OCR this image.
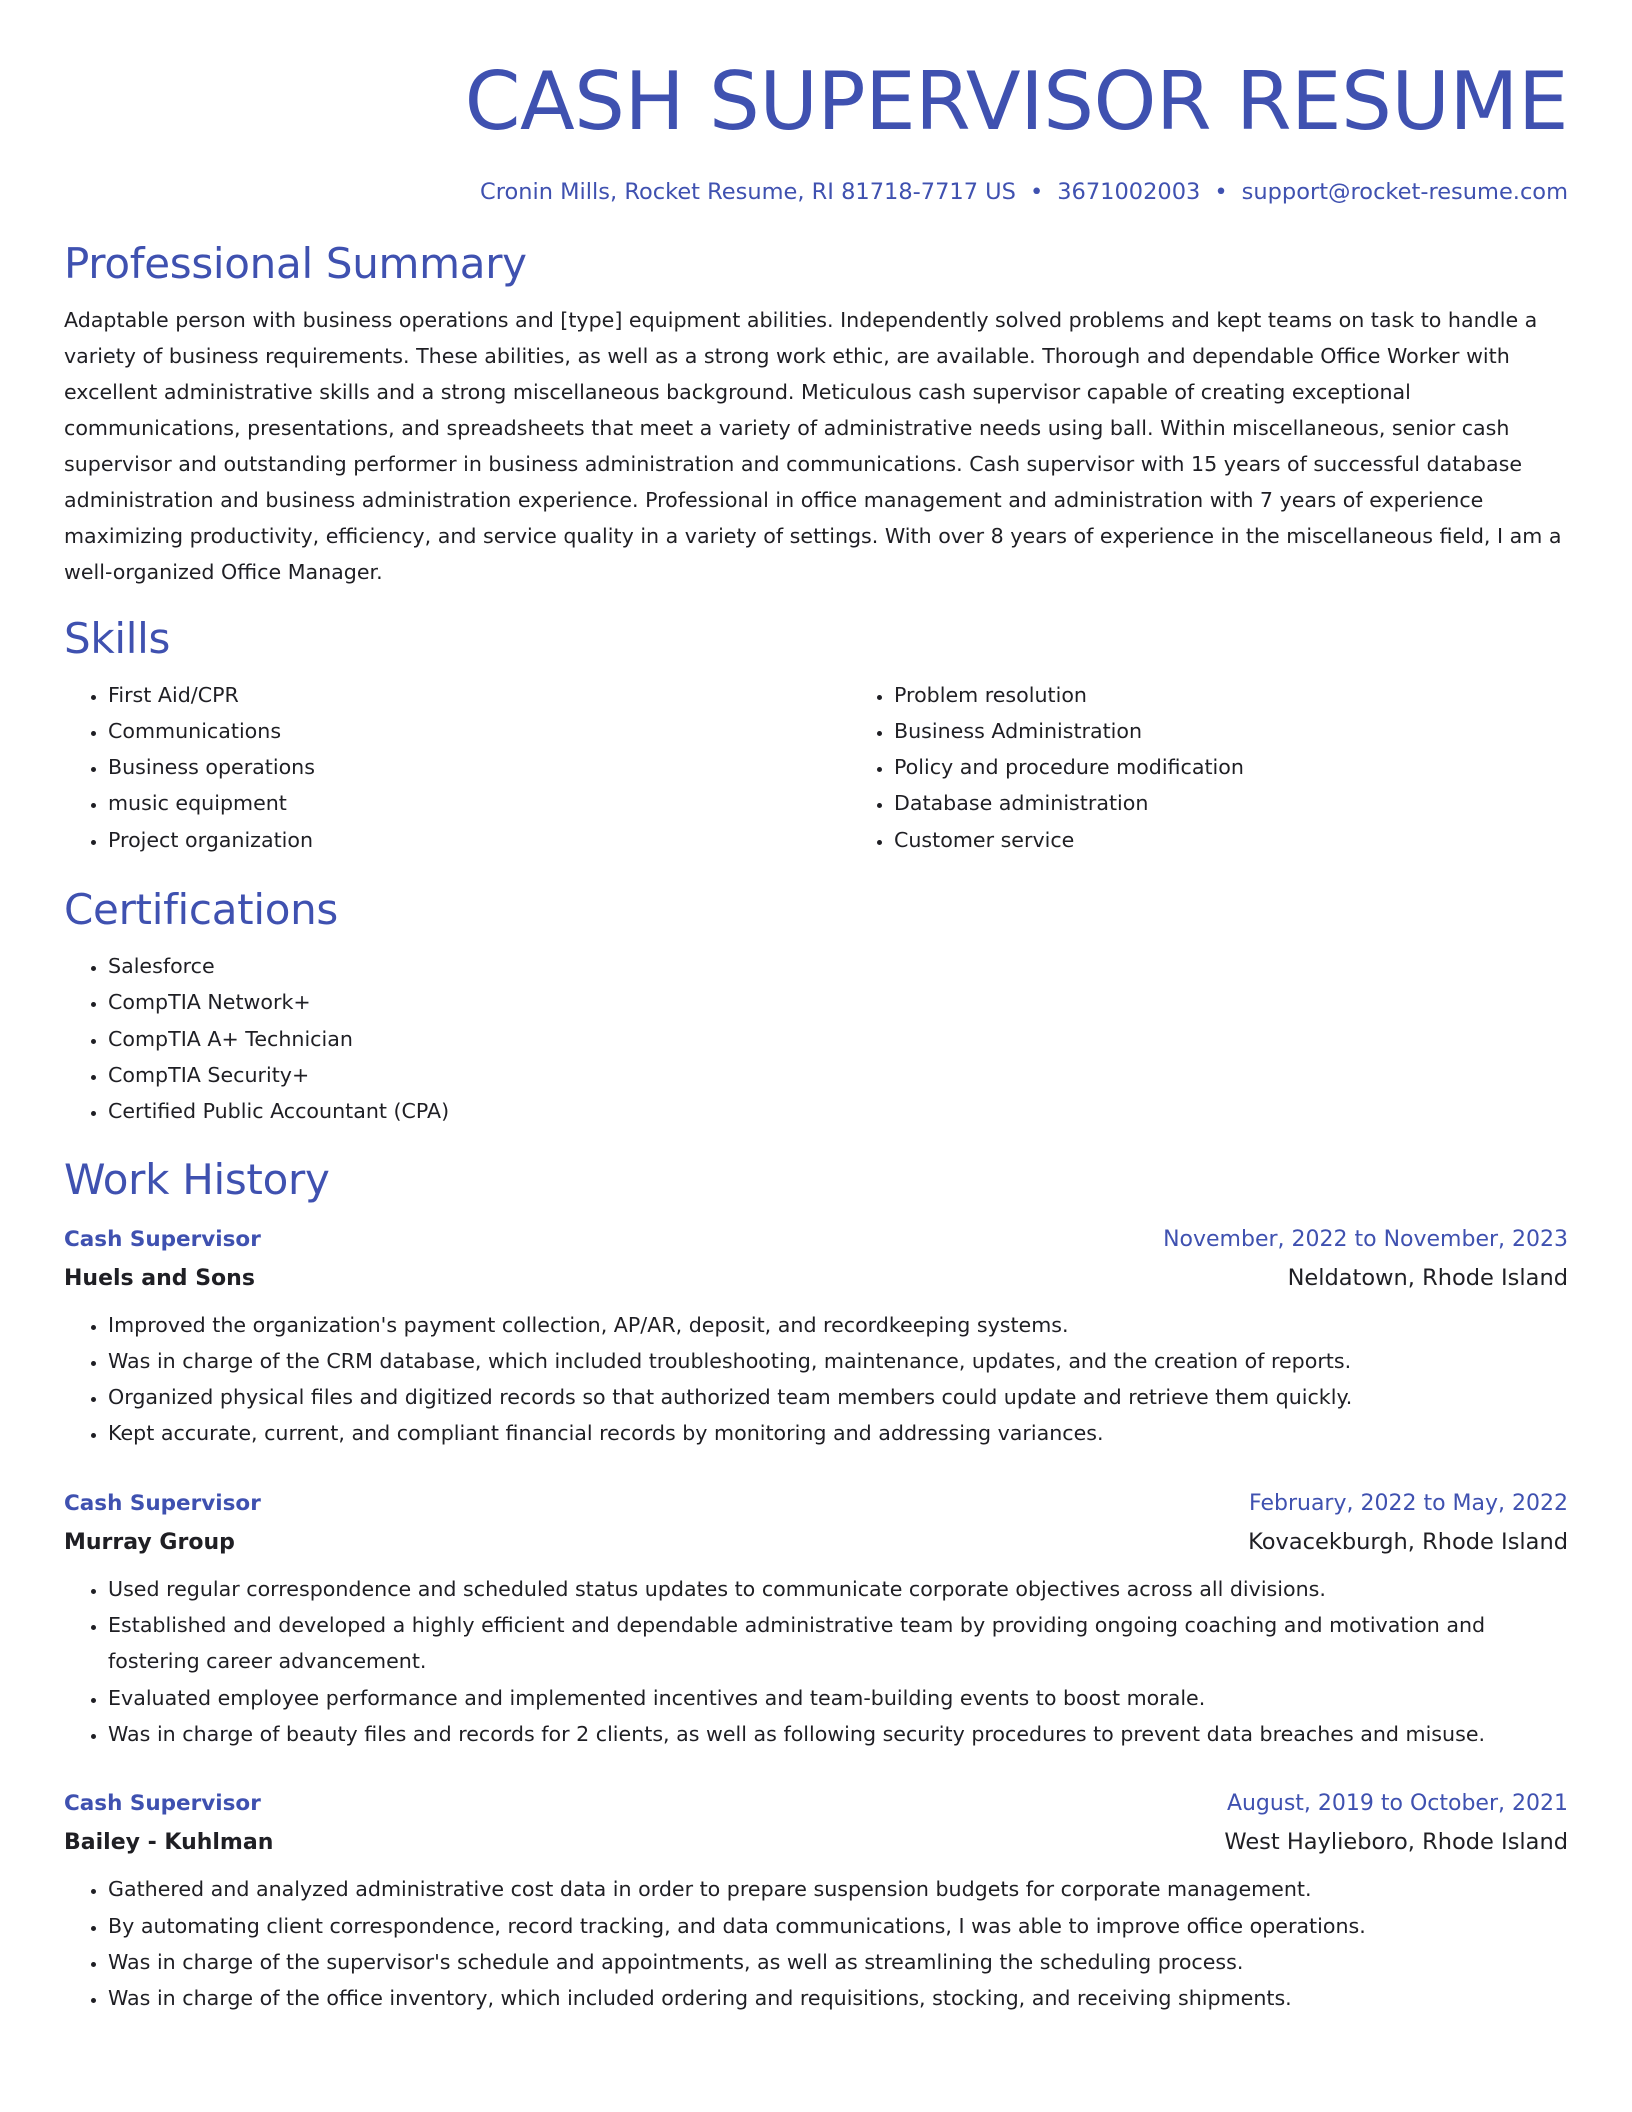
CASH SUPERVISOR RESUME
Cronin Mills, Rocket Resume, RI 81718-7717 US • 3671002003 • support@rocket-resume.com
Professional Summary

Adaptable person with business operations and [type] equipment abilities. Independently solved problems and kept teams on task to handle a variety of business requirements. These abilities, as well as a strong work ethic, are available. Thorough and dependable Office Worker with excellent administrative skills and a strong miscellaneous background. Meticulous cash supervisor capable of creating exceptional communications, presentations, and spreadsheets that meet a variety of administrative needs using ball. Within miscellaneous, senior cash supervisor and outstanding performer in business administration and communications. Cash supervisor with 15 years of successful database administration and business administration experience. Professional in office management and administration with 7 years of experience maximizing productivity, efficiency, and service quality in a variety of settings. With over 8 years of experience in the miscellaneous field, I am a well-organized Office Manager.

Skills
• First Aid/CPR
• Communications
• Business operations
• music equipment
• Project organization
• Problem resolution
• Business Administration
• Policy and procedure modification
• Database administration
• Customer service
Certifications
• Salesforce
• CompTIA Network+
• CompTIA A+ Technician
• CompTIA Security+
• Certified Public Accountant (CPA)
Work History
Cash Supervisor	November, 2022 to November, 2023
Huels and Sons	Neldatown, Rhode Island
• Improved the organization's payment collection, AP/AR, deposit, and recordkeeping systems.
• Was in charge of the CRM database, which included troubleshooting, maintenance, updates, and the creation of reports.
• Organized physical files and digitized records so that authorized team members could update and retrieve them quickly.
• Kept accurate, current, and compliant financial records by monitoring and addressing variances.
Cash Supervisor	February, 2022 to May, 2022
Murray Group	Kovacekburgh, Rhode Island
• Used regular correspondence and scheduled status updates to communicate corporate objectives across all divisions.
• Established and developed a highly efficient and dependable administrative team by providing ongoing coaching and motivation and fostering career advancement.
• Evaluated employee performance and implemented incentives and team-building events to boost morale.
• Was in charge of beauty files and records for 2 clients, as well as following security procedures to prevent data breaches and misuse.
Cash Supervisor	August, 2019 to October, 2021
Bailey - Kuhlman	West Haylieboro, Rhode Island
• Gathered and analyzed administrative cost data in order to prepare suspension budgets for corporate management.
• By automating client correspondence, record tracking, and data communications, I was able to improve office operations.
• Was in charge of the supervisor's schedule and appointments, as well as streamlining the scheduling process.
• Was in charge of the office inventory, which included ordering and requisitions, stocking, and receiving shipments.
